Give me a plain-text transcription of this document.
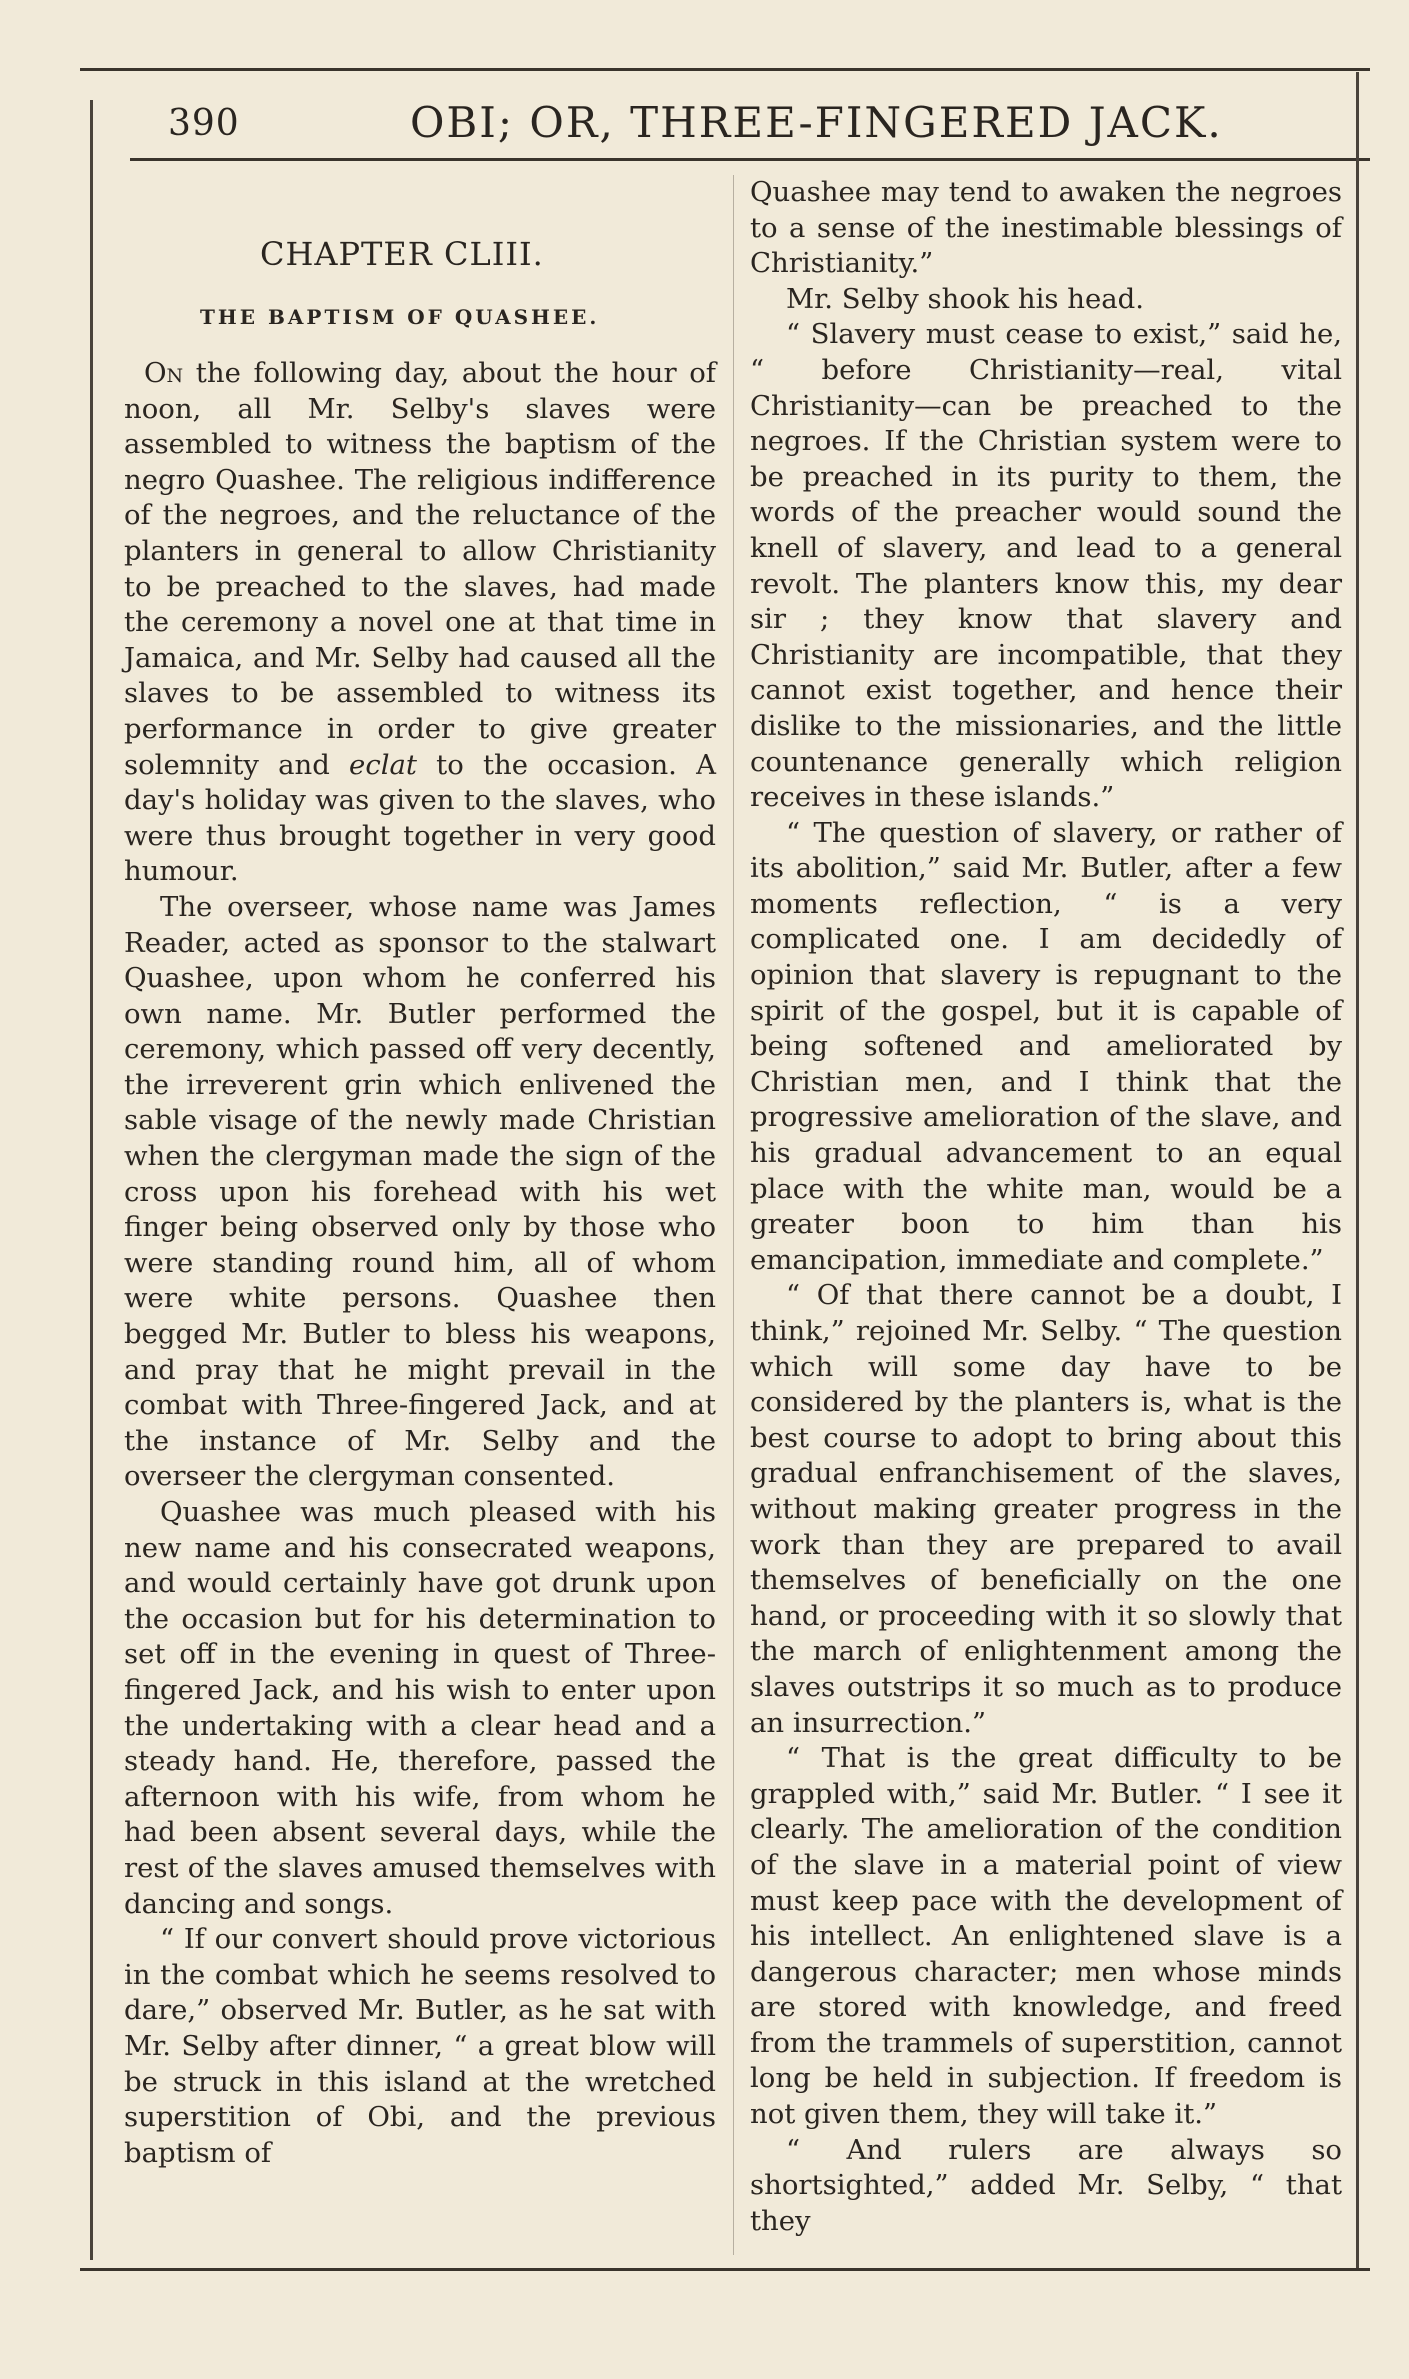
390	OBI; OR, THREE-FINGERED JACK.
CHAPTER CLIII.
THE BAPTISM OF QUASHEE.

On the following day, about the hour of noon, all Mr. Selby's slaves were assembled to witness the baptism of the negro Quashee. The religious indifference of the negroes, and the reluctance of the planters in general to allow Christianity to be preached to the slaves, had made the ceremony a novel one at that time in Jamaica, and Mr. Selby had caused all the slaves to be assembled to witness its performance in order to give greater solemnity and eclat to the occasion. A day's holiday was given to the slaves, who were thus brought together in very good humour.

The overseer, whose name was James Reader, acted as sponsor to the stalwart Quashee, upon whom he conferred his own name. Mr. Butler performed the ceremony, which passed off very decently, the irreverent grin which enlivened the sable visage of the newly made Christian when the clergyman made the sign of the cross upon his forehead with his wet finger being observed only by those who were standing round him, all of whom were white persons. Quashee then begged Mr. Butler to bless his weapons, and pray that he might prevail in the combat with Three-fingered Jack, and at the instance of Mr. Selby and the overseer the clergyman consented.

Quashee was much pleased with his new name and his consecrated weapons, and would certainly have got drunk upon the occasion but for his determination to set off in the evening in quest of Three-fingered Jack, and his wish to enter upon the undertaking with a clear head and a steady hand. He, therefore, passed the afternoon with his wife, from whom he had been absent several days, while the rest of the slaves amused themselves with dancing and songs.

“ If our convert should prove victorious in the combat which he seems resolved to dare,” observed Mr. Butler, as he sat with Mr. Selby after dinner, “ a great blow will be struck in this island at the wretched superstition of Obi, and the previous baptism of

Quashee may tend to awaken the negroes to a sense of the inestimable blessings of Christianity.”

Mr. Selby shook his head.

“ Slavery must cease to exist,” said he, “ before Christianity—real, vital Christianity—can be preached to the negroes. If the Christian system were to be preached in its purity to them, the words of the preacher would sound the knell of slavery, and lead to a general revolt. The planters know this, my dear sir ; they know that slavery and Christianity are incompatible, that they cannot exist together, and hence their dislike to the missionaries, and the little countenance generally which religion receives in these islands.”

“ The question of slavery, or rather of its abolition,” said Mr. Butler, after a few moments reflection, “ is a very complicated one. I am decidedly of opinion that slavery is repugnant to the spirit of the gospel, but it is capable of being softened and ameliorated by Christian men, and I think that the progressive amelioration of the slave, and his gradual advancement to an equal place with the white man, would be a greater boon to him than his emancipation, immediate and complete.”

“ Of that there cannot be a doubt, I think,” rejoined Mr. Selby. “ The question which will some day have to be considered by the planters is, what is the best course to adopt to bring about this gradual enfranchisement of the slaves, without making greater progress in the work than they are prepared to avail themselves of beneficially on the one hand, or proceeding with it so slowly that the march of enlightenment among the slaves outstrips it so much as to produce an insurrection.”

“ That is the great difficulty to be grappled with,” said Mr. Butler. “ I see it clearly. The amelioration of the condition of the slave in a material point of view must keep pace with the development of his intellect. An enlightened slave is a dangerous character; men whose minds are stored with knowledge, and freed from the trammels of superstition, cannot long be held in subjection. If freedom is not given them, they will take it.”

“ And rulers are always so shortsighted,” added Mr. Selby, “ that they
